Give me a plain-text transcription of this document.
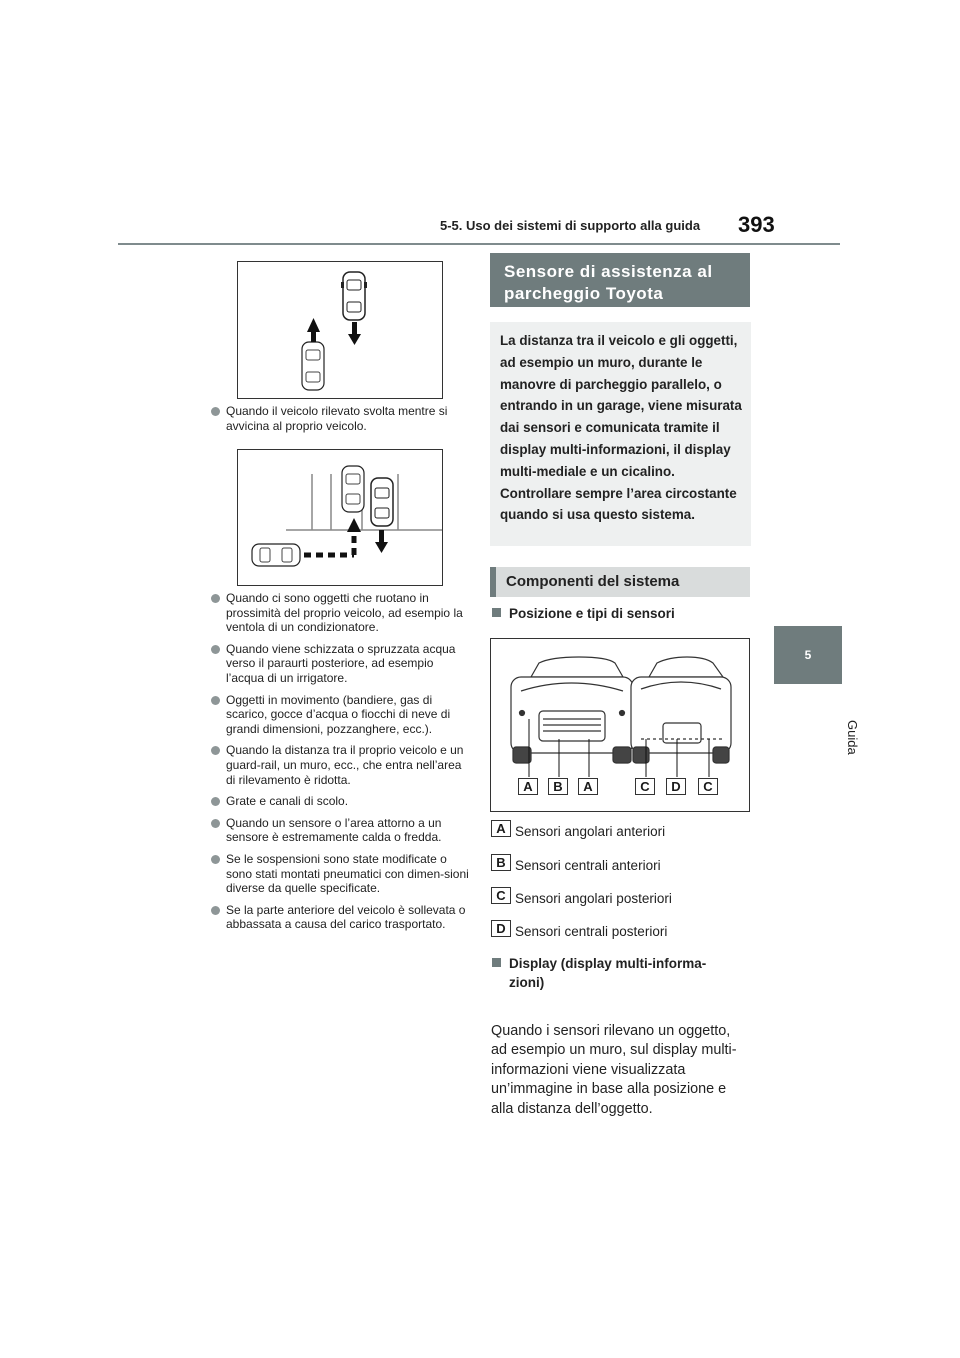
5-5. Uso dei sistemi di supporto alla guida 393
5
Guida
Quando il veicolo rilevato svolta mentre si avvicina al proprio veicolo.
Quando ci sono oggetti che ruotano in prossimità del proprio veicolo, ad esempio la ventola di un condizionatore.
Quando viene schizzata o spruzzata acqua verso il paraurti posteriore, ad esempio l’acqua di un irrigatore.
Oggetti in movimento (bandiere, gas di scarico, gocce d’acqua o fiocchi di neve di grandi dimensioni, pozzanghere, ecc.).
Quando la distanza tra il proprio veicolo e un guard-rail, un muro, ecc., che entra nell’area di rilevamento è ridotta.
Grate e canali di scolo.
Quando un sensore o l’area attorno a un sensore è estremamente calda o fredda.
Se le sospensioni sono state modificate o sono stati montati pneumatici con dimen-sioni diverse da quelle specificate.
Se la parte anteriore del veicolo è sollevata o abbassata a causa del carico trasportato.
Sensore di assistenza al
parcheggio Toyota
La distanza tra il veicolo e gli oggetti, ad esempio un muro, durante le manovre di parcheggio parallelo, o entrando in un garage, viene misurata dai sensori e comunicata tramite il display multi-informazioni, il display multi-mediale e un cicalino. Controllare sempre l’area circostante quando si usa questo sistema.
Componenti del sistema
Posizione e tipi di sensori
A	B	A	C	D	C
A Sensori angolari anteriori
B Sensori centrali anteriori
C Sensori angolari posteriori
D Sensori centrali posteriori
Display (display multi-informa-
zioni)
Quando i sensori rilevano un oggetto, ad esempio un muro, sul display multi-informazioni viene visualizzata un’immagine in base alla posizione e alla distanza dell’oggetto.
